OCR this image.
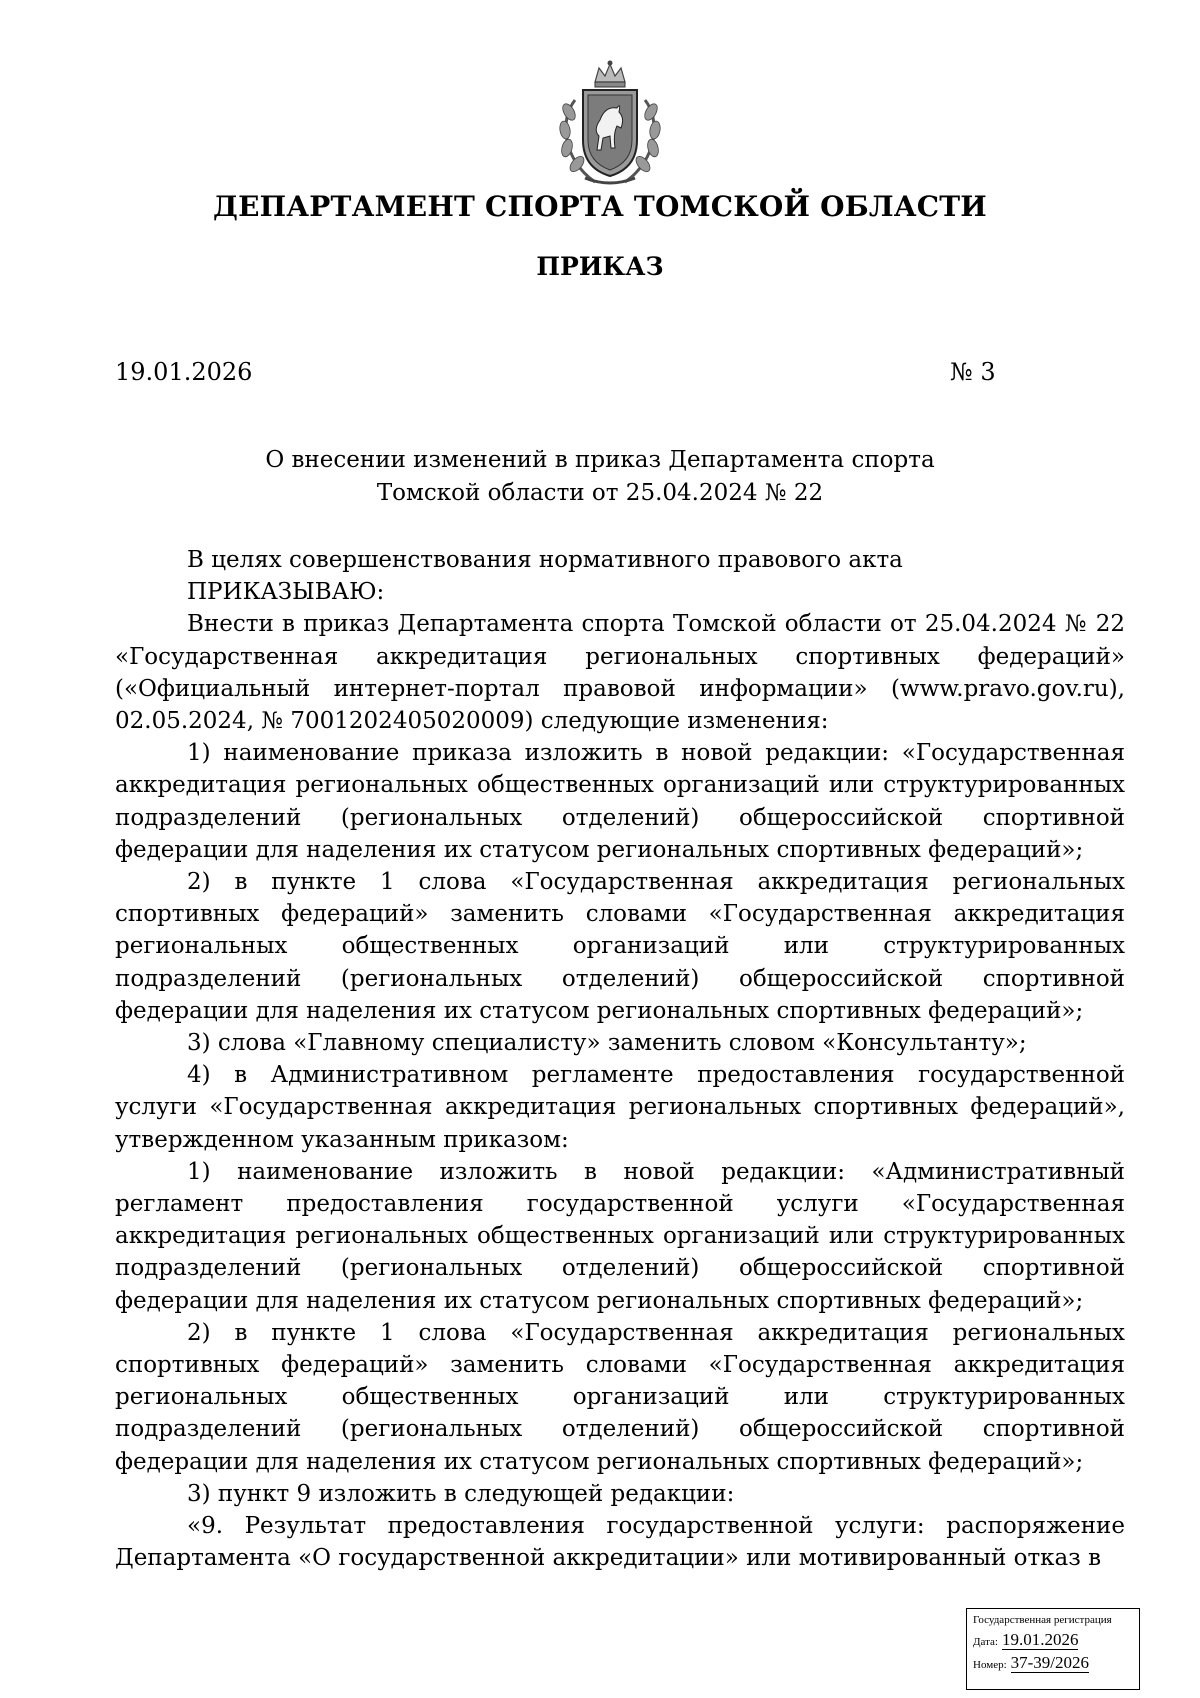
ДЕПАРТАМЕНТ СПОРТА ТОМСКОЙ ОБЛАСТИ
ПРИКАЗ
19.01.2026	№ 3
О внесении изменений в приказ Департамента спорта
Томской области от 25.04.2024 № 22

В целях совершенствования нормативного правового акта

ПРИКАЗЫВАЮ:

Внести в приказ Департамента спорта Томской области от 25.04.2024 № 22 «Государственная аккредитация региональных спортивных федераций» («Официальный интернет-портал правовой информации» (www.pravo.gov.ru), 02.05.2024, № 7001202405020009) следующие изменения:

1) наименование приказа изложить в новой редакции: «Государственная аккредитация региональных общественных организаций или структурированных подразделений (региональных отделений) общероссийской спортивной федерации для наделения их статусом региональных спортивных федераций»;

2) в пункте 1 слова «Государственная аккредитация региональных спортивных федераций» заменить словами «Государственная аккредитация региональных общественных организаций или структурированных подразделений (региональных отделений) общероссийской спортивной федерации для наделения их статусом региональных спортивных федераций»;

3) слова «Главному специалисту» заменить словом «Консультанту»;

4) в Административном регламенте предоставления государственной услуги «Государственная аккредитация региональных спортивных федераций», утвержденном указанным приказом:

1) наименование изложить в новой редакции: «Административный регламент предоставления государственной услуги «Государственная аккредитация региональных общественных организаций или структурированных подразделений (региональных отделений) общероссийской спортивной федерации для наделения их статусом региональных спортивных федераций»;

2) в пункте 1 слова «Государственная аккредитация региональных спортивных федераций» заменить словами «Государственная аккредитация региональных общественных организаций или структурированных подразделений (региональных отделений) общероссийской спортивной федерации для наделения их статусом региональных спортивных федераций»;

3) пункт 9 изложить в следующей редакции:

«9. Результат предоставления государственной услуги: распоряжение Департамента «О государственной аккредитации» или мотивированный отказ в

Государственная регистрация
Дата: 19.01.2026
Номер: 37-39/2026
